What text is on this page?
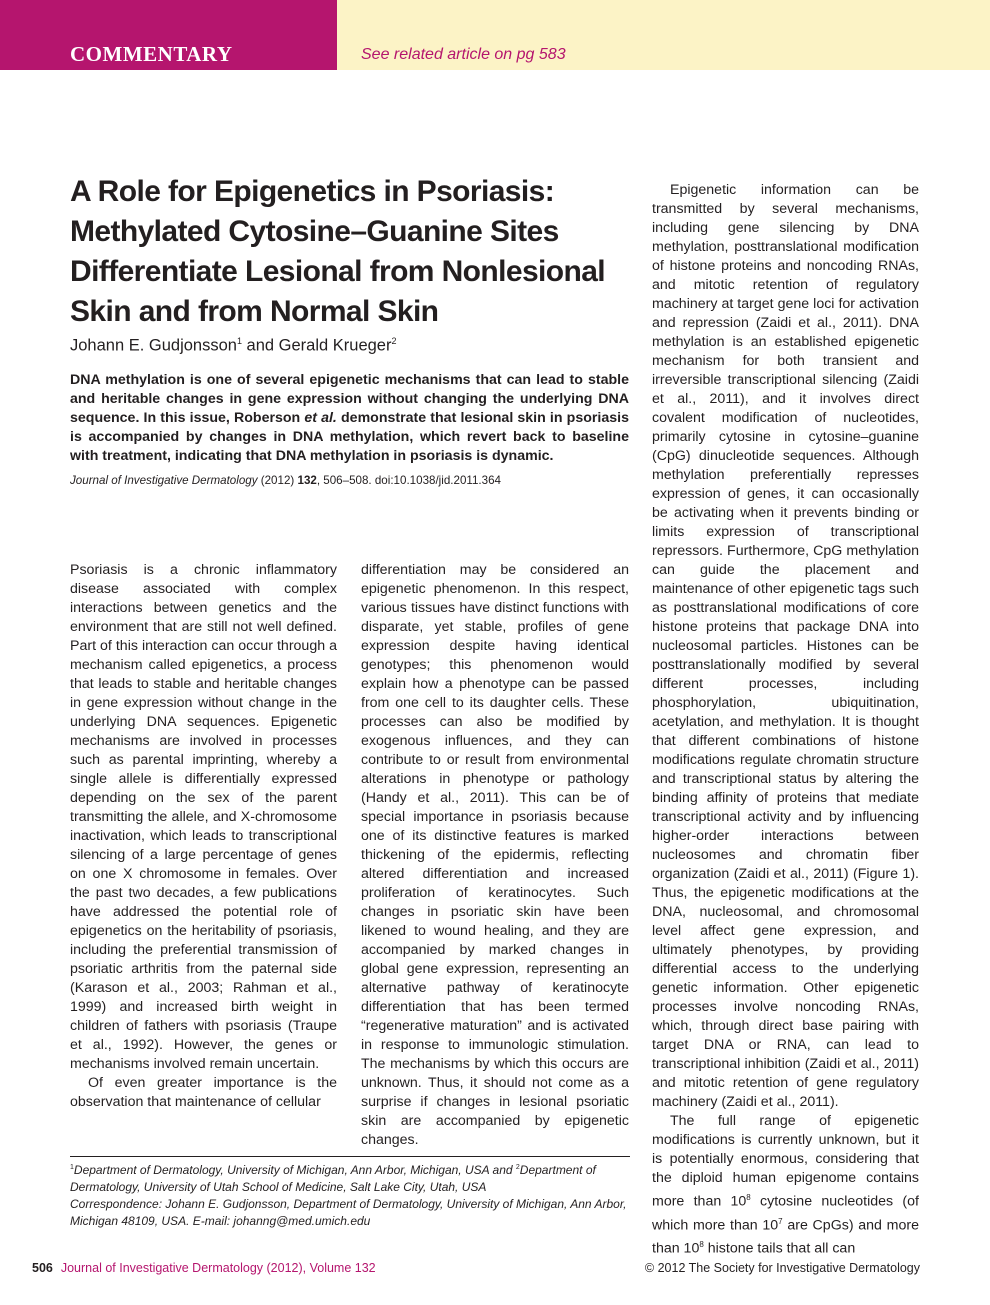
COMMENTARY	See related article on pg 583
A Role for Epigenetics in Psoriasis: Methylated Cytosine–Guanine Sites Differentiate Lesional from Nonlesional Skin and from Normal Skin
Johann E. Gudjonsson$^1$ and Gerald Krueger$^2$

DNA methylation is one of several epigenetic mechanisms that can lead to stable and heritable changes in gene expression without changing the underlying DNA sequence. In this issue, Roberson et al. demonstrate that lesional skin in psoriasis is accompanied by changes in DNA methylation, which revert back to baseline with treatment, indicating that DNA methylation in psoriasis is dynamic.

Journal of Investigative Dermatology (2012) 132, 506–508. doi:10.1038/jid.2011.364

Psoriasis is a chronic inflammatory disease associated with complex interactions between genetics and the environment that are still not well defined. Part of this interaction can occur through a mechanism called epigenetics, a process that leads to stable and heritable changes in gene expression without change in the underlying DNA sequences. Epigenetic mechanisms are involved in processes such as parental imprinting, whereby a single allele is differentially expressed depending on the sex of the parent transmitting the allele, and X-chromosome inactivation, which leads to transcriptional silencing of a large percentage of genes on one X chromosome in females. Over the past two decades, a few publications have addressed the potential role of epigenetics on the heritability of psoriasis, including the preferential transmission of psoriatic arthritis from the paternal side (Karason et al., 2003; Rahman et al., 1999) and increased birth weight in children of fathers with psoriasis (Traupe et al., 1992). However, the genes or mechanisms involved remain uncertain.

Of even greater importance is the observation that maintenance of cellular

differentiation may be considered an epigenetic phenomenon. In this respect, various tissues have distinct functions with disparate, yet stable, profiles of gene expression despite having identical genotypes; this phenomenon would explain how a phenotype can be passed from one cell to its daughter cells. These processes can also be modified by exogenous influences, and they can contribute to or result from environmental alterations in phenotype or pathology (Handy et al., 2011). This can be of special importance in psoriasis because one of its distinctive features is marked thickening of the epidermis, reflecting altered differentiation and increased proliferation of keratinocytes. Such changes in psoriatic skin have been likened to wound healing, and they are accompanied by marked changes in global gene expression, representing an alternative pathway of keratinocyte differentiation that has been termed “regenerative maturation” and is activated in response to immunologic stimulation. The mechanisms by which this occurs are unknown. Thus, it should not come as a surprise if changes in lesional psoriatic skin are accompanied by epigenetic changes.

Epigenetic information can be transmitted by several mechanisms, including gene silencing by DNA methylation, posttranslational modification of histone proteins and noncoding RNAs, and mitotic retention of regulatory machinery at target gene loci for activation and repression (Zaidi et al., 2011). DNA methylation is an established epigenetic mechanism for both transient and irreversible transcriptional silencing (Zaidi et al., 2011), and it involves direct covalent modification of nucleotides, primarily cytosine in cytosine–guanine (CpG) dinucleotide sequences. Although methylation preferentially represses expression of genes, it can occasionally be activating when it prevents binding or limits expression of transcriptional repressors. Furthermore, CpG methylation can guide the placement and maintenance of other epigenetic tags such as posttranslational modifications of core histone proteins that package DNA into nucleosomal particles. Histones can be posttranslationally modified by several different processes, including phosphorylation, ubiquitination, acetylation, and methylation. It is thought that different combinations of histone modifications regulate chromatin structure and transcriptional status by altering the binding affinity of proteins that mediate transcriptional activity and by influencing higher-order interactions between nucleosomes and chromatin fiber organization (Zaidi et al., 2011) (Figure 1). Thus, the epigenetic modifications at the DNA, nucleosomal, and chromosomal level affect gene expression, and ultimately phenotypes, by providing differential access to the underlying genetic information. Other epigenetic processes involve noncoding RNAs, which, through direct base pairing with target DNA or RNA, can lead to transcriptional inhibition (Zaidi et al., 2011) and mitotic retention of gene regulatory machinery (Zaidi et al., 2011).

The full range of epigenetic modifications is currently unknown, but it is potentially enormous, considering that the diploid human epigenome contains more than $10^8$ cytosine nucleotides (of which more than $10^7$ are CpGs) and more than $10^8$ histone tails that all can

$^1$Department of Dermatology, University of Michigan, Ann Arbor, Michigan, USA and $^2$Department of Dermatology, University of Utah School of Medicine, Salt Lake City, Utah, USA

Correspondence: Johann E. Gudjonsson, Department of Dermatology, University of Michigan, Ann Arbor, Michigan 48109, USA. E-mail: johanng@med.umich.edu

506 Journal of Investigative Dermatology (2012), Volume 132	© 2012 The Society for Investigative Dermatology
